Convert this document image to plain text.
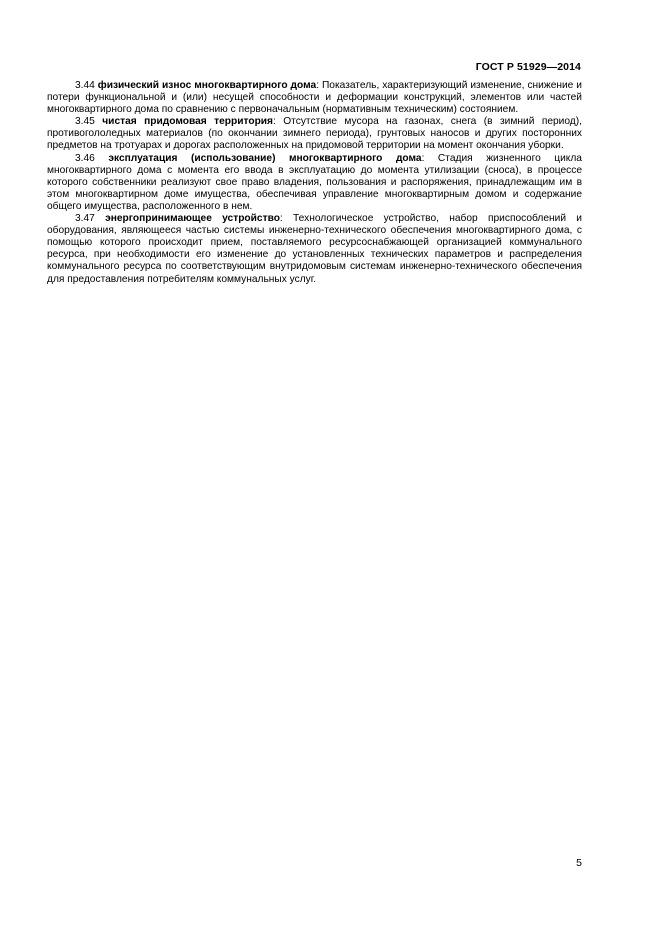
ГОСТ Р 51929—2014

3.44 физический износ многоквартирного дома: Показатель, характеризующий изменение, снижение и потери функциональной и (или) несущей способности и деформации конструкций, элементов или частей многоквартирного дома по сравнению с первоначальным (нормативным техническим) состоянием.

3.45 чистая придомовая территория: Отсутствие мусора на газонах, снега (в зимний период), противогололедных материалов (по окончании зимнего периода), грунтовых наносов и других посторонних предметов на тротуарах и дорогах расположенных на придомовой территории на момент окончания уборки.

3.46 эксплуатация (использование) многоквартирного дома: Стадия жизненного цикла многоквартирного дома с момента его ввода в эксплуатацию до момента утилизации (сноса), в процессе которого собственники реализуют свое право владения, пользования и распоряжения, принадлежащим им в этом многоквартирном доме имущества, обеспечивая управление многоквартирным домом и содержание общего имущества, расположенного в нем.

3.47 энергопринимающее устройство: Технологическое устройство, набор приспособлений и оборудования, являющееся частью системы инженерно-технического обеспечения многоквартирного дома, с помощью которого происходит прием, поставляемого ресурсоснабжающей организацией коммунального ресурса, при необходимости его изменение до установленных технических параметров и распределения коммунального ресурса по соответствующим внутридомовым системам инженерно-технического обеспечения для предоставления потребителям коммунальных услуг.

5
